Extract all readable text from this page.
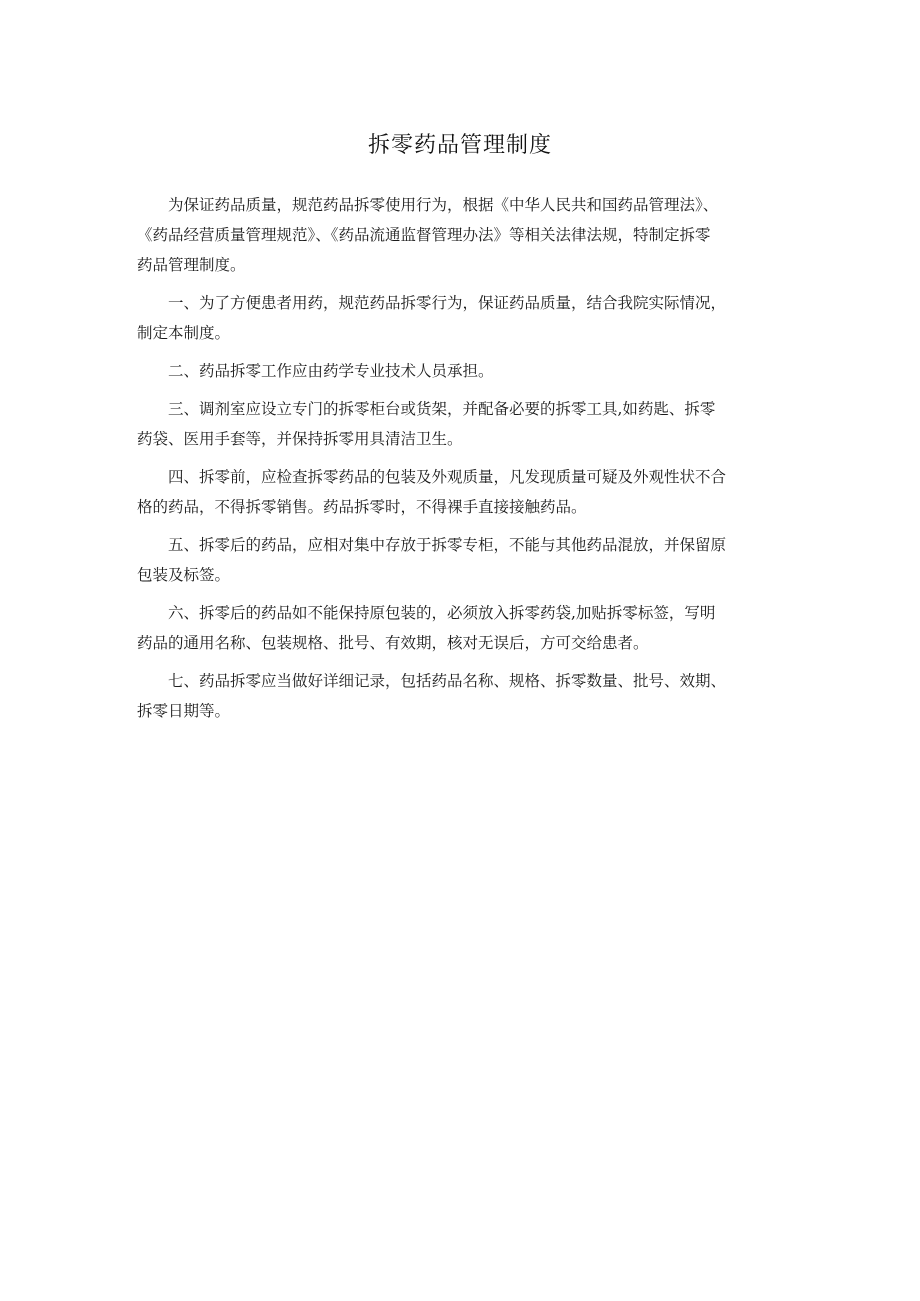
拆零药品管理制度

为保证药品质量，规范药品拆零使用行为，根据《中华人民共和国药品管理法》、
《药品经营质量管理规范》、《药品流通监督管理办法》等相关法律法规，特制定拆零
药品管理制度。

一、为了方便患者用药，规范药品拆零行为，保证药品质量，结合我院实际情况，
制定本制度。

二、药品拆零工作应由药学专业技术人员承担。

三、调剂室应设立专门的拆零柜台或货架，并配备必要的拆零工具,如药匙、拆零
药袋、医用手套等，并保持拆零用具清洁卫生。

四、拆零前，应检查拆零药品的包装及外观质量，凡发现质量可疑及外观性状不合
格的药品，不得拆零销售。药品拆零时，不得裸手直接接触药品。

五、拆零后的药品，应相对集中存放于拆零专柜，不能与其他药品混放，并保留原
包装及标签。

六、拆零后的药品如不能保持原包装的，必须放入拆零药袋,加贴拆零标签，写明
药品的通用名称、包装规格、批号、有效期，核对无误后，方可交给患者。

七、药品拆零应当做好详细记录，包括药品名称、规格、拆零数量、批号、效期、
拆零日期等。
